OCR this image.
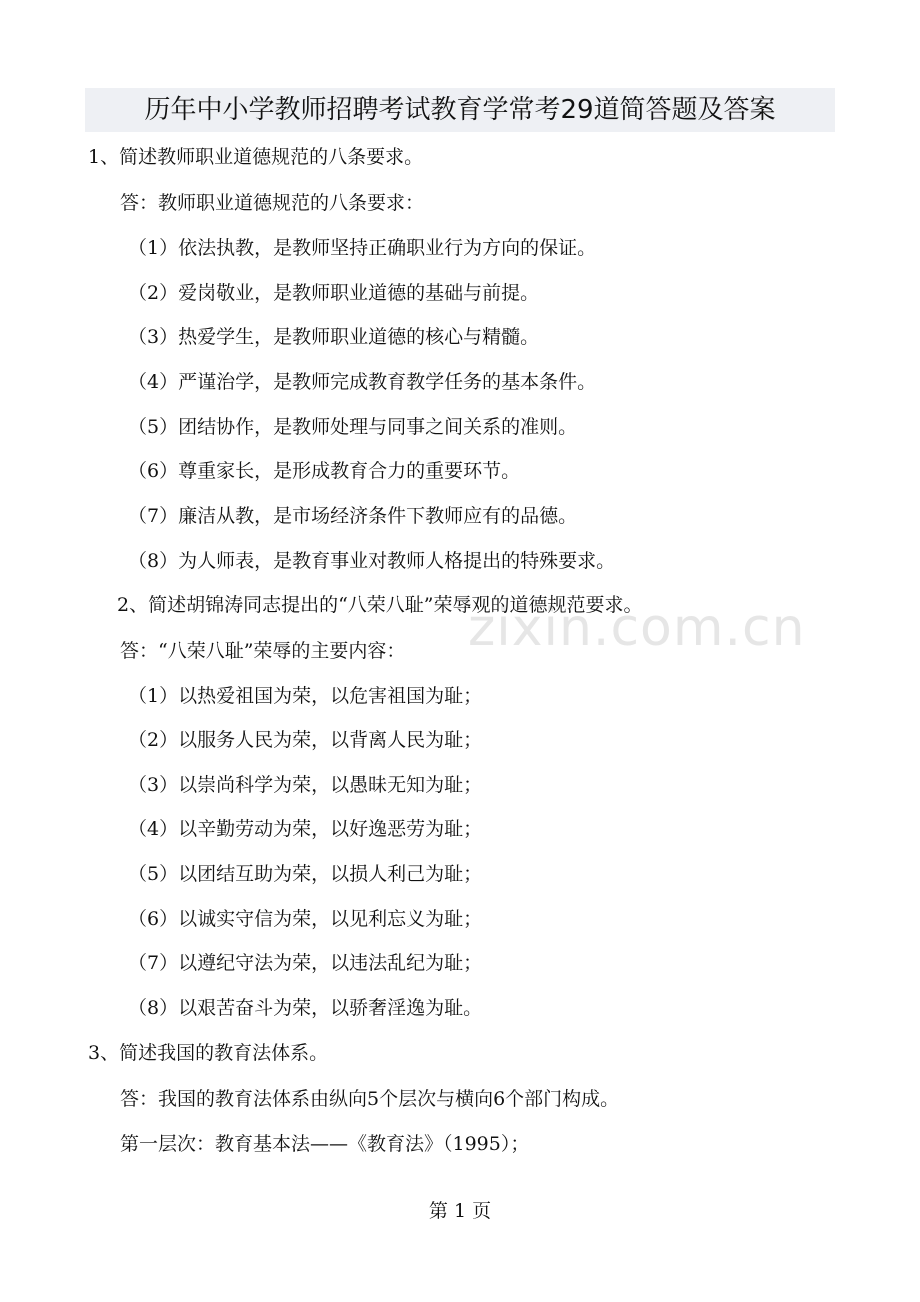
历年中小学教师招聘考试教育学常考29道简答题及答案
zixin.com.cn
1、简述教师职业道德规范的八条要求。
答：教师职业道德规范的八条要求：
（1）依法执教，是教师坚持正确职业行为方向的保证。
（2）爱岗敬业，是教师职业道德的基础与前提。
（3）热爱学生，是教师职业道德的核心与精髓。
（4）严谨治学，是教师完成教育教学任务的基本条件。
（5）团结协作，是教师处理与同事之间关系的准则。
（6）尊重家长，是形成教育合力的重要环节。
（7）廉洁从教，是市场经济条件下教师应有的品德。
（8）为人师表，是教育事业对教师人格提出的特殊要求。
2、简述胡锦涛同志提出的“八荣八耻”荣辱观的道德规范要求。
答：“八荣八耻”荣辱的主要内容：
（1）以热爱祖国为荣，以危害祖国为耻；
（2）以服务人民为荣，以背离人民为耻；
（3）以崇尚科学为荣，以愚昧无知为耻；
（4）以辛勤劳动为荣，以好逸恶劳为耻；
（5）以团结互助为荣，以损人利己为耻；
（6）以诚实守信为荣，以见利忘义为耻；
（7）以遵纪守法为荣，以违法乱纪为耻；
（8）以艰苦奋斗为荣，以骄奢淫逸为耻。
3、简述我国的教育法体系。
答：我国的教育法体系由纵向5个层次与横向6个部门构成。
第一层次：教育基本法——《教育法》（1995）；
第 1 页
